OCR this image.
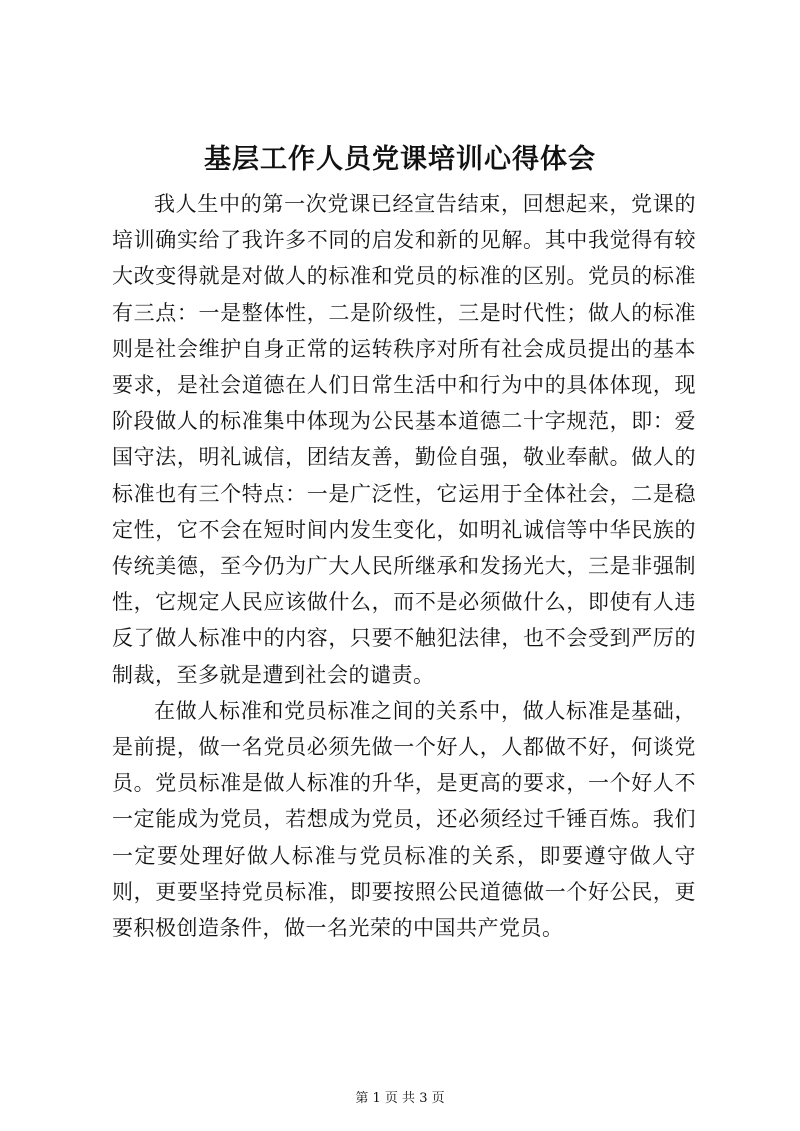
基层工作人员党课培训心得体会

我人生中的第一次党课已经宣告结束，回想起来，党课的培训确实给了我许多不同的启发和新的见解。其中我觉得有较大改变得就是对做人的标准和党员的标准的区别。党员的标准有三点：一是整体性，二是阶级性，三是时代性；做人的标准则是社会维护自身正常的运转秩序对所有社会成员提出的基本要求，是社会道德在人们日常生活中和行为中的具体体现，现阶段做人的标准集中体现为公民基本道德二十字规范，即：爱国守法，明礼诚信，团结友善，勤俭自强，敬业奉献。做人的标准也有三个特点：一是广泛性，它运用于全体社会，二是稳定性，它不会在短时间内发生变化，如明礼诚信等中华民族的传统美德，至今仍为广大人民所继承和发扬光大，三是非强制性，它规定人民应该做什么，而不是必须做什么，即使有人违反了做人标准中的内容，只要不触犯法律，也不会受到严厉的制裁，至多就是遭到社会的谴责。

在做人标准和党员标准之间的关系中，做人标准是基础，是前提，做一名党员必须先做一个好人，人都做不好，何谈党员。党员标准是做人标准的升华，是更高的要求，一个好人不一定能成为党员，若想成为党员，还必须经过千锤百炼。我们一定要处理好做人标准与党员标准的关系，即要遵守做人守则，更要坚持党员标准，即要按照公民道德做一个好公民，更要积极创造条件，做一名光荣的中国共产党员。

第 1 页 共 3 页
